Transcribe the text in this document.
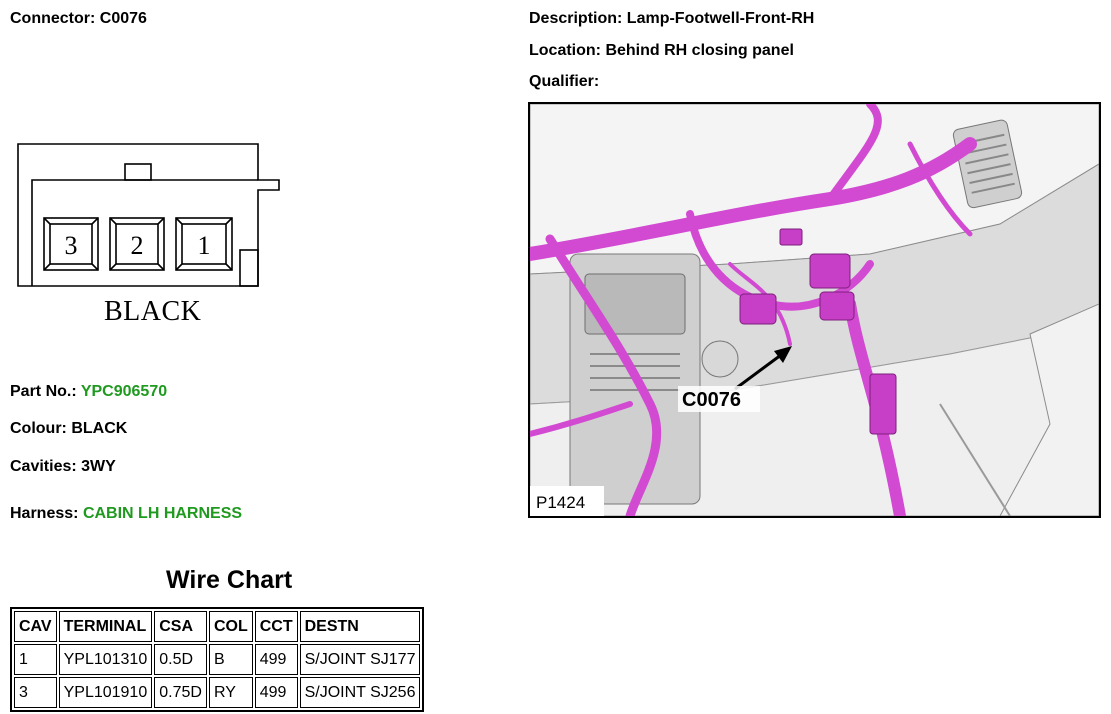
Connector: C0076	Description: Lamp-Footwell-Front-RH
Location: Behind RH closing panel
Qualifier:
3 2 1
BLACK
Part No.: YPC906570
Colour: BLACK
Cavities: 3WY
Harness: CABIN LH HARNESS
Wire Chart
CAV	TERMINAL	CSA	COL	CCT	DESTN
1	YPL101310	0.5D	B	499	S/JOINT SJ177
3	YPL101910	0.75D	RY	499	S/JOINT SJ256
C0076
P1424
